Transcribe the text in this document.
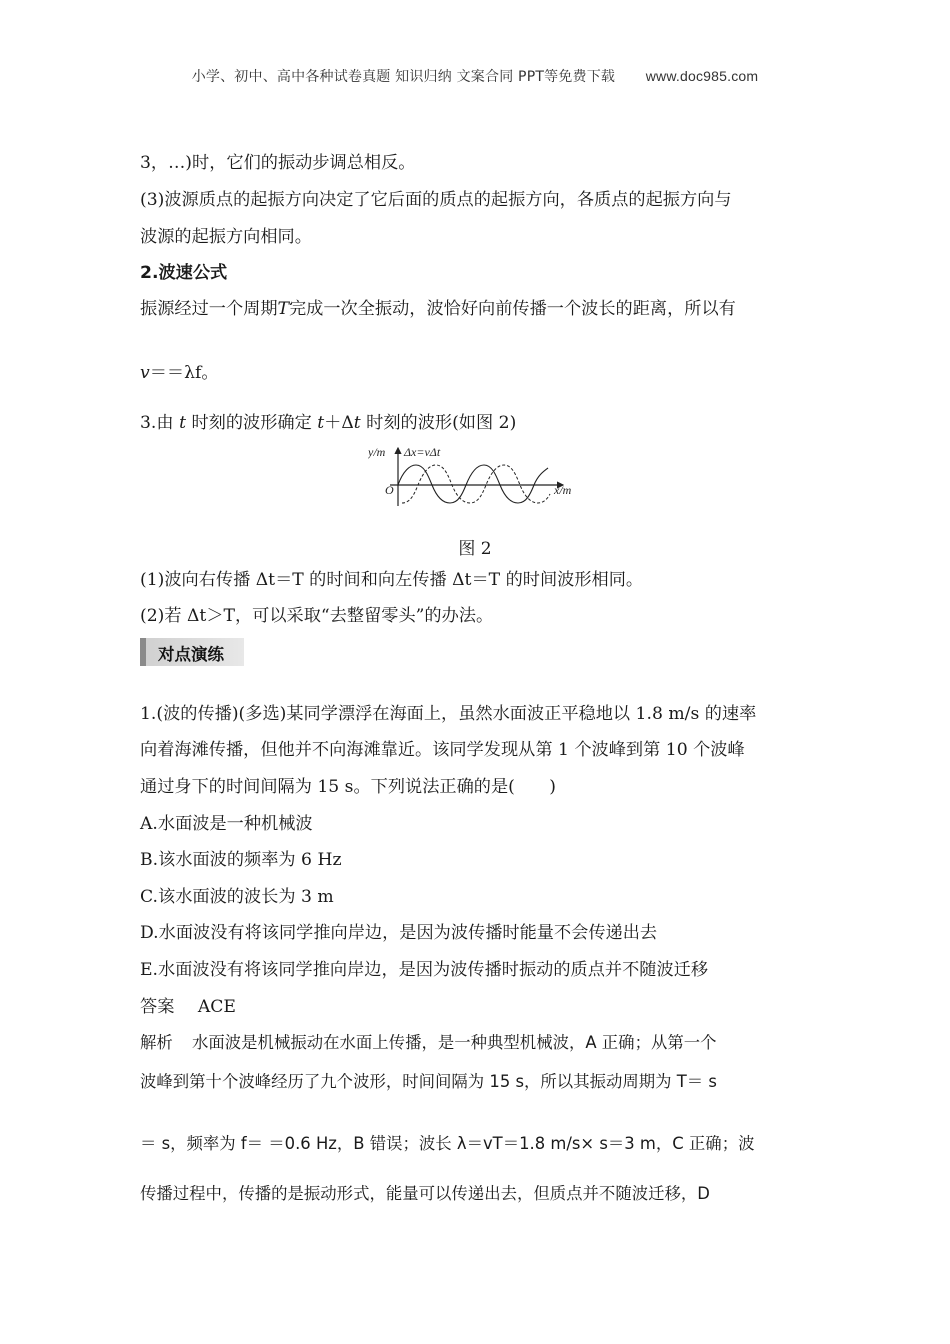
小学、初中、高中各种试卷真题 知识归纳 文案合同 PPT等免费下载 www.doc985.com
3，…)时，它们的振动步调总相反。
(3)波源质点的起振方向决定了它后面的质点的起振方向，各质点的起振方向与
波源的起振方向相同。
2.波速公式
振源经过一个周期T完成一次全振动，波恰好向前传播一个波长的距离，所以有
v＝＝λf。
3.由 t 时刻的波形确定 t＋Δt 时刻的波形(如图 2)
y/m Δx=vΔt
O	x/m
图 2
(1)波向右传播 Δt＝T 的时间和向左传播 Δt＝T 的时间波形相同。
(2)若 Δt＞T，可以采取“去整留零头”的办法。
对点演练
1.(波的传播)(多选)某同学漂浮在海面上，虽然水面波正平稳地以 1.8 m/s 的速率
向着海滩传播，但他并不向海滩靠近。该同学发现从第 1 个波峰到第 10 个波峰
通过身下的时间间隔为 15 s。下列说法正确的是(　　)
A.水面波是一种机械波
B.该水面波的频率为 6 Hz
C.该水面波的波长为 3 m
D.水面波没有将该同学推向岸边，是因为波传播时能量不会传递出去
E.水面波没有将该同学推向岸边，是因为波传播时振动的质点并不随波迁移
答案 ACE
解析 水面波是机械振动在水面上传播，是一种典型机械波，A 正确；从第一个
波峰到第十个波峰经历了九个波形，时间间隔为 15 s，所以其振动周期为 T＝ s
＝ s，频率为 f＝ ＝0.6 Hz，B 错误；波长 λ＝vT＝1.8 m/s× s＝3 m，C 正确；波
传播过程中，传播的是振动形式，能量可以传递出去，但质点并不随波迁移，D
